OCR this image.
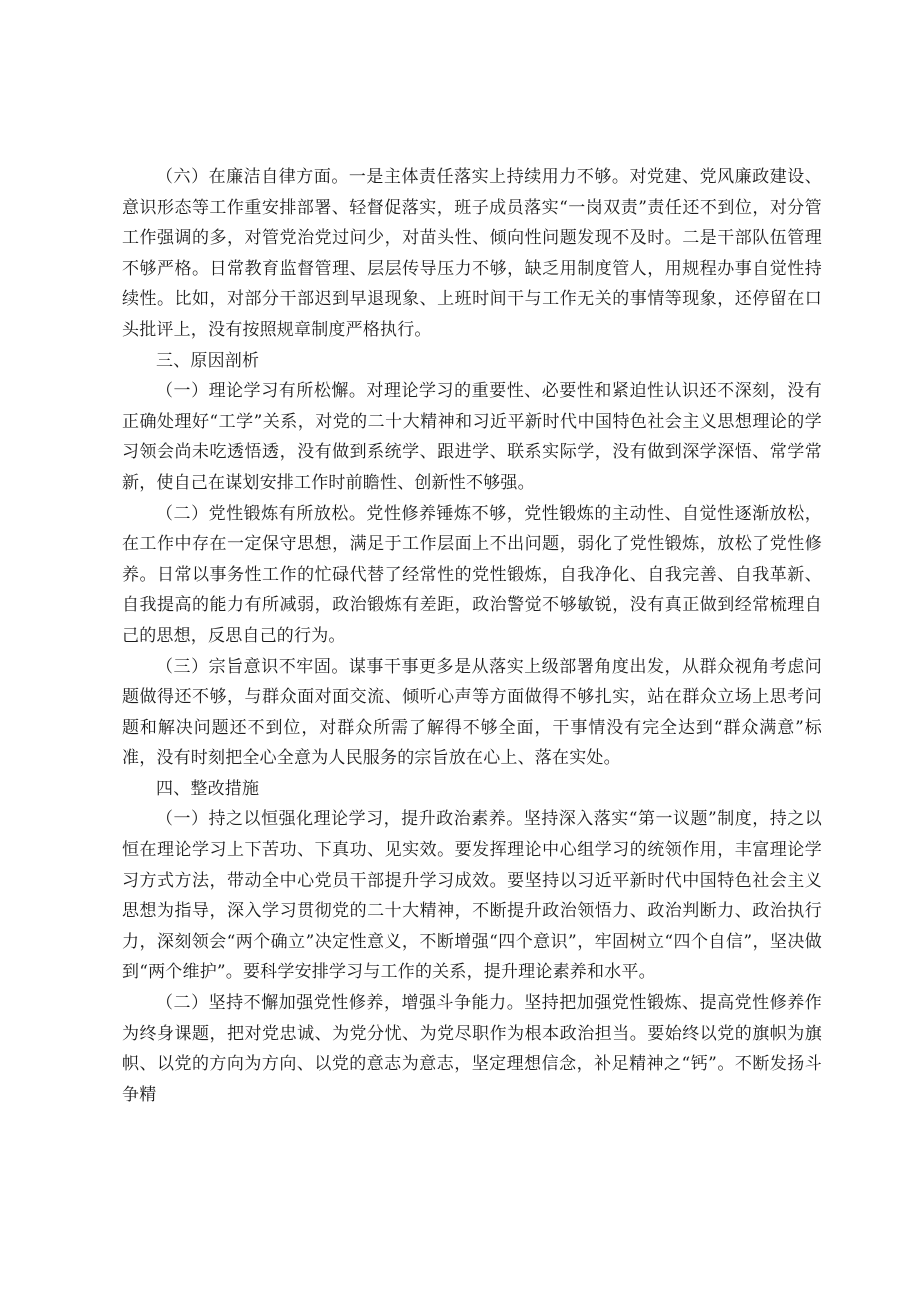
（六）在廉洁自律方面。一是主体责任落实上持续用力不够。对党建、党风廉政建设、意识形态等工作重安排部署、轻督促落实，班子成员落实“一岗双责”责任还不到位，对分管工作强调的多，对管党治党过问少，对苗头性、倾向性问题发现不及时。二是干部队伍管理不够严格。日常教育监督管理、层层传导压力不够，缺乏用制度管人，用规程办事自觉性持续性。比如，对部分干部迟到早退现象、上班时间干与工作无关的事情等现象，还停留在口头批评上，没有按照规章制度严格执行。

三、原因剖析

（一）理论学习有所松懈。对理论学习的重要性、必要性和紧迫性认识还不深刻，没有正确处理好“工学”关系，对党的二十大精神和习近平新时代中国特色社会主义思想理论的学习领会尚未吃透悟透，没有做到系统学、跟进学、联系实际学，没有做到深学深悟、常学常新，使自己在谋划安排工作时前瞻性、创新性不够强。

（二）党性锻炼有所放松。党性修养锤炼不够，党性锻炼的主动性、自觉性逐渐放松，在工作中存在一定保守思想，满足于工作层面上不出问题，弱化了党性锻炼，放松了党性修养。日常以事务性工作的忙碌代替了经常性的党性锻炼，自我净化、自我完善、自我革新、自我提高的能力有所减弱，政治锻炼有差距，政治警觉不够敏锐，没有真正做到经常梳理自己的思想，反思自己的行为。

（三）宗旨意识不牢固。谋事干事更多是从落实上级部署角度出发，从群众视角考虑问题做得还不够，与群众面对面交流、倾听心声等方面做得不够扎实，站在群众立场上思考问题和解决问题还不到位，对群众所需了解得不够全面，干事情没有完全达到“群众满意”标准，没有时刻把全心全意为人民服务的宗旨放在心上、落在实处。

四、整改措施

（一）持之以恒强化理论学习，提升政治素养。坚持深入落实“第一议题”制度，持之以恒在理论学习上下苦功、下真功、见实效。要发挥理论中心组学习的统领作用，丰富理论学习方式方法，带动全中心党员干部提升学习成效。要坚持以习近平新时代中国特色社会主义思想为指导，深入学习贯彻党的二十大精神，不断提升政治领悟力、政治判断力、政治执行力，深刻领会“两个确立”决定性意义，不断增强“四个意识”，牢固树立“四个自信”，坚决做到“两个维护”。要科学安排学习与工作的关系，提升理论素养和水平。

（二）坚持不懈加强党性修养，增强斗争能力。坚持把加强党性锻炼、提高党性修养作为终身课题，把对党忠诚、为党分忧、为党尽职作为根本政治担当。要始终以党的旗帜为旗帜、以党的方向为方向、以党的意志为意志，坚定理想信念，补足精神之“钙”。不断发扬斗争精
